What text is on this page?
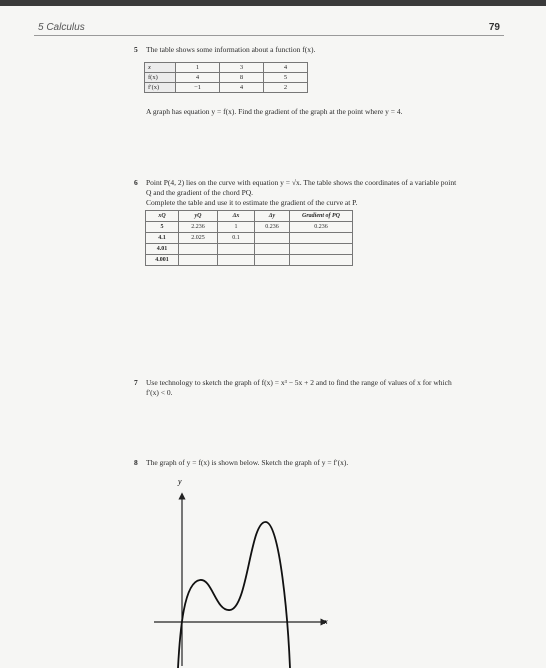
5 Calculus	79
5 The table shows some information about a function f(x).
x	1	3	4
f(x)	4	8	5
f′(x)	−1	4	2
A graph has equation y = f(x). Find the gradient of the graph at the point where y = 4.
6 Point P(4, 2) lies on the curve with equation y = √x. The table shows the coordinates of a variable point
Q and the gradient of the chord PQ.
Complete the table and use it to estimate the gradient of the curve at P.
xQ	yQ	Δx	Δy	Gradient of PQ
5	2.236	1	0.236	0.236
4.1	2.025	0.1		
4.01				
4.001				
7 Use technology to sketch the graph of f(x) = x³ − 5x + 2 and to find the range of values of x for which
f′(x) < 0.
8 The graph of y = f(x) is shown below. Sketch the graph of y = f′(x).
y
x
